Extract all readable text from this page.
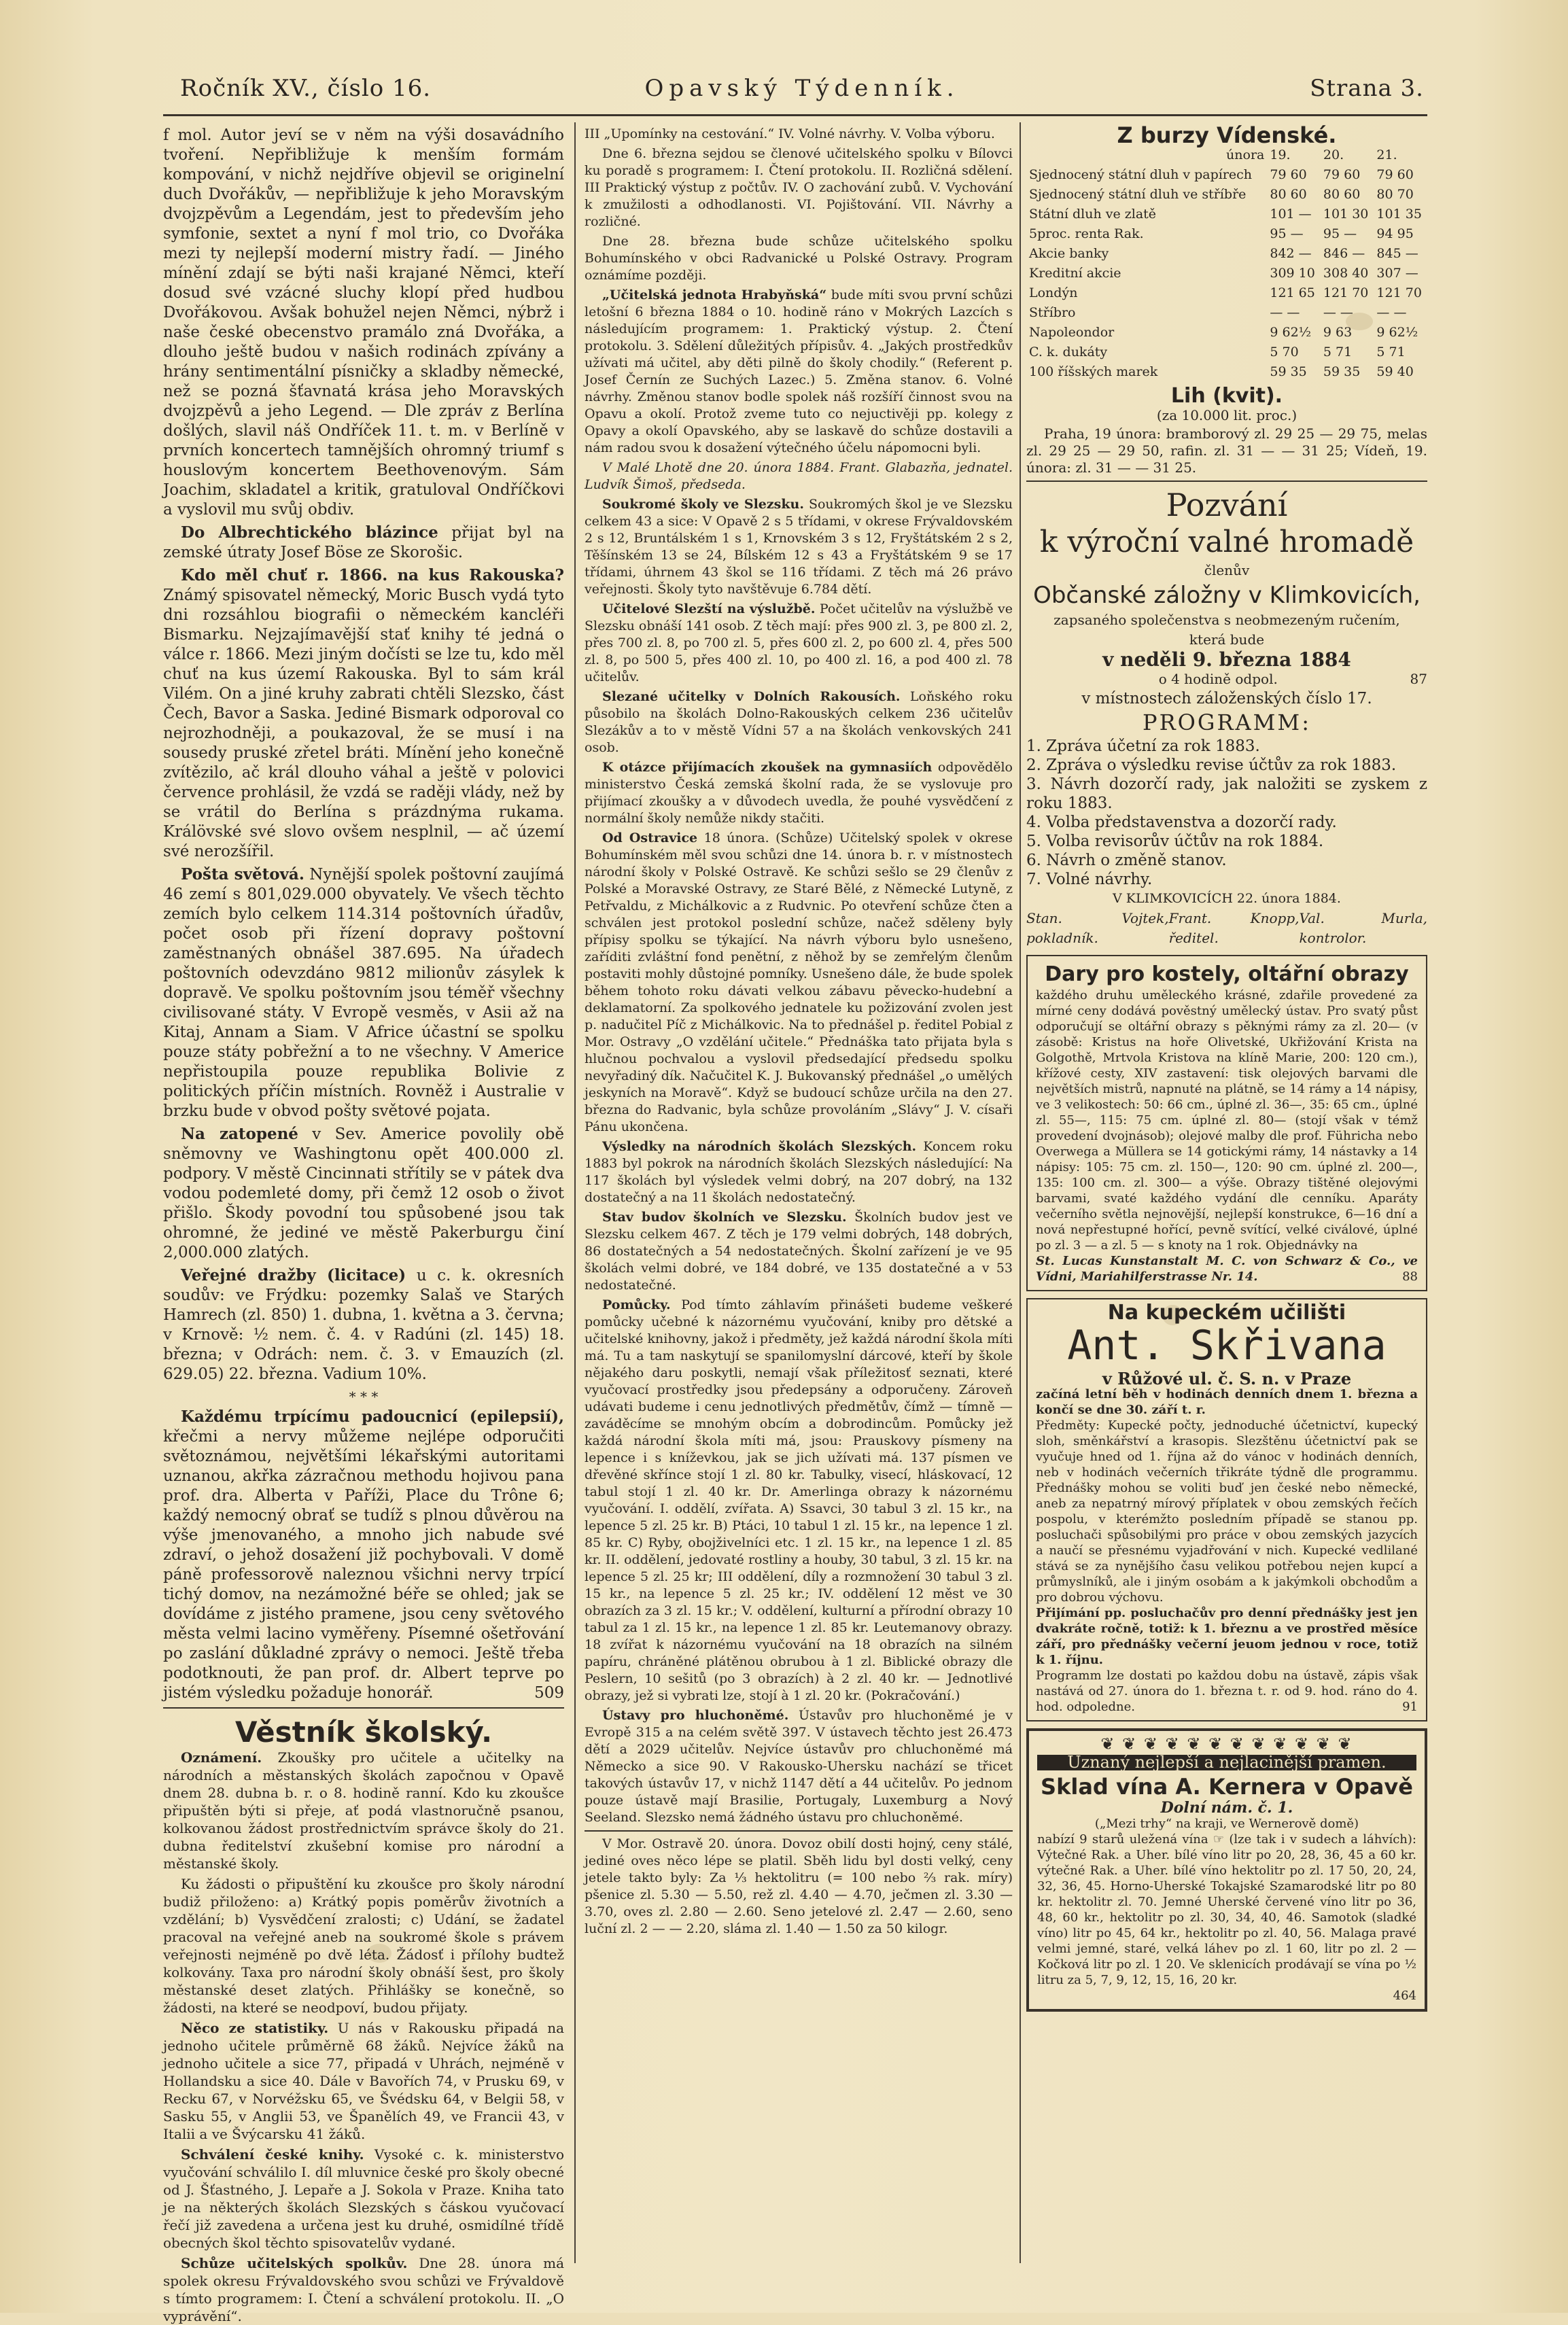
Ročník XV., číslo 16.	Opavský Týdenník.	Strana 3.

f mol. Autor jeví se v něm na výši dosavádního tvoření. Nepřibližuje k menším formám kompování, v nichž nejdříve objevil se originelní duch Dvořákův, — nepřibližuje k jeho Moravským dvojzpěvům a Legendám, jest to především jeho symfonie, sextet a nyní f mol trio, co Dvořáka mezi ty nejlepší moderní mistry řadí. — Jiného mínění zdají se býti naši krajané Němci, kteří dosud své vzácné sluchy klopí před hudbou Dvořákovou. Avšak bohužel nejen Němci, nýbrž i naše české obecenstvo pramálo zná Dvořáka, a dlouho ještě budou v našich rodinách zpívány a hrány sentimentální písničky a skladby německé, než se pozná šťavnatá krása jeho Moravských dvojzpěvů a jeho Legend. — Dle zpráv z Berlína došlých, slavil náš Ondříček 11. t. m. v Berlíně v prvních koncertech tamnějších ohromný triumf s houslovým koncertem Beethovenovým. Sám Joachim, skladatel a kritik, gratuloval Ondříčkovi a vyslovil mu svůj obdiv.

Do Albrechtického blázince přijat byl na zemské útraty Josef Böse ze Skorošic.

Kdo měl chuť r. 1866. na kus Rakouska? Známý spisovatel německý, Moric Busch vydá tyto dni rozsáhlou biografii o německém kancléři Bismarku. Nejzajímavější stať knihy té jedná o válce r. 1866. Mezi jiným dočísti se lze tu, kdo měl chuť na kus území Rakouska. Byl to sám král Vilém. On a jiné kruhy zabrati chtěli Slezsko, část Čech, Bavor a Saska. Jediné Bismark odporoval co nejrozhodněji, a poukazoval, že se musí i na sousedy pruské zřetel bráti. Mínění jeho konečně zvítězilo, ač král dlouho váhal a ještě v polovici července prohlásil, že vzdá se raději vlády, než by se vrátil do Berlína s prázdnýma rukama. Králövské své slovo ovšem nesplnil, — ač území své nerozšířil.

Pošta světová. Nynější spolek poštovní zaujímá 46 zemí s 801,029.000 obyvately. Ve všech těchto zemích bylo celkem 114.314 poštovních úřadův, počet osob při řízení dopravy poštovní zaměstnaných obnášel 387.695. Na úřadech poštovních odevzdáno 9812 milionův zásylek k dopravě. Ve spolku poštovním jsou téměř všechny civilisované státy. V Evropě vesměs, v Asii až na Kitaj, Annam a Siam. V Africe účastní se spolku pouze státy pobřežní a to ne všechny. V Americe nepřistoupila pouze republika Bolivie z politických příčin místních. Rovněž i Australie v brzku bude v obvod pošty světové pojata.

Na zatopené v Sev. Americe povolily obě sněmovny ve Washingtonu opět 400.000 zl. podpory. V městě Cincinnati střítily se v pátek dva vodou podemleté domy, při čemž 12 osob o život přišlo. Škody povodní tou spůsobené jsou tak ohromné, že jediné ve městě Pakerburgu činí 2,000.000 zlatých.

Veřejné dražby (licitace) u c. k. okresních soudův: ve Frýdku: pozemky Salaš ve Starých Hamrech (zl. 850) 1. dubna, 1. května a 3. června; v Krnově: ½ nem. č. 4. v Radúni (zl. 145) 18. března; v Odrách: nem. č. 3. v Emauzích (zl. 629.05) 22. března. Vadium 10%.

* * *

Každému trpícímu padoucnicí (epilepsií), křečmi a nervy můžeme nejlépe odporučiti světoznámou, největšími lékařskými autoritami uznanou, akřka zázračnou methodu hojivou pana prof. dra. Alberta v Paříži, Place du Trône 6; každý nemocný obrať se tudíž s plnou důvěrou na výše jmenovaného, a mnoho jich nabude své zdraví, o jehož dosažení již pochybovali. V domě páně professorově naleznou všichni nervy trpící tichý domov, na nezámožné béře se ohled; jak se dovídáme z jistého pramene, jsou ceny světového města velmi lacino vyměřeny. Písemné ošetřování po zaslání důkladné zprávy o nemoci. Ještě třeba podotknouti, že pan prof. dr. Albert teprve po jistém výsledku požaduje honorář.	509

Věstník školský.

Oznámení. Zkoušky pro učitele a učitelky na národních a městanských školách započnou v Opavě dnem 28. dubna b. r. o 8. hodině ranní. Kdo ku zkoušce připuštěn býti si přeje, ať podá vlastnoručně psanou, kolkovanou žádost prostřednictvím správce školy do 21. dubna ředitelství zkušební komise pro národní a městanské školy.

Ku žádosti o připuštění ku zkoušce pro školy národní budiž přiloženo: a) Krátký popis poměrův životních a vzdělání; b) Vysvědčení zralosti; c) Udání, se žadatel pracoval na veřejné aneb na soukromé škole s právem veřejnosti nejméně po dvě léta. Žádosť i přílohy budtež kolkovány. Taxa pro národní školy obnáší šest, pro školy městanské deset zlatých. Přihlášky se konečně, so žádosti, na které se neodpoví, budou přijaty.

Něco ze statistiky. U nás v Rakousku připadá na jednoho učitele průměrně 68 žáků. Nejvíce žáků na jednoho učitele a sice 77, připadá v Uhrách, nejméně v Hollandsku a sice 40. Dále v Bavořích 74, v Prusku 69, v Recku 67, v Norvéžsku 65, ve Švédsku 64, v Belgii 58, v Sasku 55, v Anglii 53, ve Španělích 49, ve Francii 43, v Italii a ve Švýcarsku 41 žáků.

Schválení české knihy. Vysoké c. k. ministerstvo vyučování schválilo I. díl mluvnice české pro školy obecné od J. Šťastného, J. Lepaře a J. Sokola v Praze. Kniha tato je na některých školách Slezských s čáskou vyučovací řečí již zavedena a určena jest ku druhé, osmidílné třídě obecných škol těchto spisovatelův vydané.

Schůze učitelských spolkův. Dne 28. února má spolek okresu Frývaldovského svou schůzi ve Frývaldově s tímto programem: I. Čtení a schválení protokolu. II. „O vyprávění“.

III „Upomínky na cestování.“ IV. Volné návrhy. V. Volba výboru.

Dne 6. března sejdou se členové učitelského spolku v Bílovci ku poradě s programem: I. Čtení protokolu. II. Rozličná sdělení. III Praktický výstup z počtův. IV. O zachování zubů. V. Vychování k zmužilosti a odhodlanosti. VI. Pojištování. VII. Návrhy a rozličné.

Dne 28. března bude schůze učitelského spolku Bohumínského v obci Radvanické u Polské Ostravy. Program oznámíme později.

„Učitelská jednota Hrabyňská“ bude míti svou první schůzi letošní 6 března 1884 o 10. hodině ráno v Mokrých Lazcích s následujícím programem: 1. Praktický výstup. 2. Čtení protokolu. 3. Sdělení důležitých přípisův. 4. „Jakých prostředkův užívati má učitel, aby děti pilně do školy chodily.“ (Referent p. Josef Černín ze Suchých Lazec.) 5. Změna stanov. 6. Volné návrhy. Změnou stanov bodle spolek náš rozšíří činnost svou na Opavu a okolí. Protož zveme tuto co nejuctivěji pp. kolegy z Opavy a okolí Opavského, aby se laskavě do schůze dostavili a nám radou svou k dosažení výtečného účelu nápomocni byli.

V Malé Lhotě dne 20. února 1884. Frant. Glabazňa, jednatel. Ludvík Šimoš, předseda.

Soukromé školy ve Slezsku. Soukromých škol je ve Slezsku celkem 43 a sice: V Opavě 2 s 5 třídami, v okrese Frývaldovském 2 s 12, Bruntálském 1 s 1, Krnovském 3 s 12, Fryštátském 2 s 2, Těšínském 13 se 24, Bílském 12 s 43 a Fryštátském 9 se 17 třídami, úhrnem 43 škol se 116 třídami. Z těch má 26 právo veřejnosti. Školy tyto navštěvuje 6.784 dětí.

Učitelové Slezští na výslužbě. Počet učitelův na výslužbě ve Slezsku obnáší 141 osob. Z těch mají: přes 900 zl. 3, pe 800 zl. 2, přes 700 zl. 8, po 700 zl. 5, přes 600 zl. 2, po 600 zl. 4, přes 500 zl. 8, po 500 5, přes 400 zl. 10, po 400 zl. 16, a pod 400 zl. 78 učitelův.

Slezané učitelky v Dolních Rakousích. Loňského roku působilo na školách Dolno-Rakouských celkem 236 učitelův Slezákův a to v městě Vídni 57 a na školách venkovských 241 osob.

K otázce přijímacích zkoušek na gymnasiích odpovědělo ministerstvo Česká zemská školní rada, že se vyslovuje pro přijímací zkoušky a v důvodech uvedla, že pouhé vysvědčení z normální školy nemůže nikdy stačiti.

Od Ostravice 18 února. (Schůze) Učitelský spolek v okrese Bohumínském měl svou schůzi dne 14. února b. r. v místnostech národní školy v Polské Ostravě. Ke schůzi sešlo se 29 členův z Polské a Moravské Ostravy, ze Staré Bělé, z Německé Lutyně, z Petřvaldu, z Michálkovic a z Rudvnic. Po otevření schůze čten a schválen jest protokol poslední schůze, načež sděleny byly přípisy spolku se týkající. Na návrh výboru bylo usnešeno, zaříditi zvláštní fond penětní, z něhož by se zemřelým členům postaviti mohly důstojné pomníky. Usnešeno dále, že bude spolek během tohoto roku dávati velkou zábavu pěvecko-hudební a deklamatorní. Za spolkového jednatele ku požizování zvolen jest p. nadučitel Píč z Michálkovic. Na to přednášel p. ředitel Pobial z Mor. Ostravy „O vzdělání učitele.“ Přednáška tato přijata byla s hlučnou pochvalou a vyslovil předsedající předsedu spolku nevyřadiný dík. Načučitel K. J. Bukovanský přednášel „o umělých jeskyních na Moravě“. Když se budoucí schůze určila na den 27. března do Radvanic, byla schůze provoláním „Slávy“ J. V. císaři Pánu ukončena.

Výsledky na národních školách Slezských. Koncem roku 1883 byl pokrok na národních školách Slezských následující: Na 117 školách byl výsledek velmi dobrý, na 207 dobrý, na 132 dostatečný a na 11 školách nedostatečný.

Stav budov školních ve Slezsku. Školních budov jest ve Slezsku celkem 467. Z těch je 179 velmi dobrých, 148 dobrých, 86 dostatečných a 54 nedostatečných. Školní zařízení je ve 95 školách velmi dobré, ve 184 dobré, ve 135 dostatečné a v 53 nedostatečné.

Pomůcky. Pod tímto záhlavím přinášeti budeme veškeré pomůcky učebné k názornému vyučování, kniby pro dětské a učitelské knihovny, jakož i předměty, jež každá národní škola míti má. Tu a tam naskytují se spanilomyslní dárcové, kteří by škole nějakého daru poskytli, nemají však příležitosť seznati, které vyučovací prostředky jsou předepsány a odporučeny. Zároveň udávati budeme i cenu jednotlivých předmětův, čímž — tímně — zaváděcíme se mnohým obcím a dobrodincům. Pomůcky jež každá národní škola míti má, jsou: Prauskovy písmeny na lepence i s kníževkou, jak se jich užívati má. 137 písmen ve dřevěné skřínce stojí 1 zl. 80 kr. Tabulky, visecí, hláskovací, 12 tabul stojí 1 zl. 40 kr. Dr. Amerlinga obrazy k názornému vyučování. I. oddělí, zvířata. A) Ssavci, 30 tabul 3 zl. 15 kr., na lepence 5 zl. 25 kr. B) Ptáci, 10 tabul 1 zl. 15 kr., na lepence 1 zl. 85 kr. C) Ryby, obojživelníci etc. 1 zl. 15 kr., na lepence 1 zl. 85 kr. II. oddělení, jedovaté rostliny a houby, 30 tabul, 3 zl. 15 kr. na lepence 5 zl. 25 kr; III oddělení, díly a rozmnožení 30 tabul 3 zl. 15 kr., na lepence 5 zl. 25 kr.; IV. oddělení 12 měst ve 30 obrazích za 3 zl. 15 kr.; V. oddělení, kulturní a přírodní obrazy 10 tabul za 1 zl. 15 kr., na lepence 1 zl. 85 kr. Leutemanovy obrazy. 18 zvířat k názornému vyučování na 18 obrazích na silném papíru, chráněné plátěnou obrubou à 1 zl. Biblické obrazy dle Peslern, 10 sešitů (po 3 obrazích) à 2 zl. 40 kr. — Jednotlivé obrazy, jež si vybrati lze, stojí à 1 zl. 20 kr. (Pokračování.)

Ústavy pro hluchoněmé. Ústavův pro hluchoněmé je v Evropě 315 a na celém světě 397. V ústavech těchto jest 26.473 dětí a 2029 učitelův. Nejvíce ústavův pro chluchoněmé má Německo a sice 90. V Rakousko-Uhersku nachází se třicet takových ústavův 17, v nichž 1147 dětí a 44 učitelův. Po jednom pouze ústavě mají Brasilie, Portugaly, Luxemburg a Nový Seeland. Slezsko nemá žádného ústavu pro chluchoněmé.

V Mor. Ostravě 20. února. Dovoz obilí dosti hojný, ceny stálé, jediné oves něco lépe se platil. Sběh lidu byl dosti velký, ceny jetele takto byly: Za ⅓ hektolitru (= 100 nebo ⅔ rak. míry) pšenice zl. 5.30 — 5.50, rež zl. 4.40 — 4.70, ječmen zl. 3.30 — 3.70, oves zl. 2.80 — 2.60. Seno jetelové zl. 2.47 — 2.60, seno luční zl. 2 — — 2.20, sláma zl. 1.40 — 1.50 za 50 kilogr.

Z burzy Vídenské.
února	19.	20.	21.
Sjednocený státní dluh v papírech	79 60	79 60	79 60
Sjednocený státní dluh ve stříbře	80 60	80 60	80 70
Státní dluh ve zlatě	101 —	101 30	101 35
5proc. renta Rak.	95 —	95 —	94 95
Akcie banky	842 —	846 —	845 —
Kreditní akcie	309 10	308 40	307 —
Londýn	121 65	121 70	121 70
Stříbro	— —	— —	— —
Napoleondor	9 62½	9 63	9 62½
C. k. dukáty	5 70	5 71	5 71
100 říšských marek	59 35	59 35	59 40
Lih (kvit).
(za 10.000 lit. proc.)

Praha, 19 února: bramborový zl. 29 25 — 29 75, melas zl. 29 25 — 29 50, rafin. zl. 31 — — 31 25; Vídeň, 19. února: zl. 31 — — 31 25.

Pozvání
k výroční valné hromadě
členův
Občanské záložny v Klimkovicích,
zapsaného společenstva s neobmezeným ručením,
která bude
v neděli 9. března 1884
o 4 hodině odpol.	87
v místnostech záloženských číslo 17.
PROGRAMM:
1. Zpráva účetní za rok 1883.
2. Zpráva o výsledku revise účtův za rok 1883.
3. Návrh dozorčí rady, jak naložiti se zyskem z roku 1883.
4. Volba představenstva a dozorčí rady.
5. Volba revisorův účtův na rok 1884.
6. Návrh o změně stanov.
7. Volné návrhy.
V KLIMKOVICÍCH 22. února 1884.
Stan. Vojtek, pokladník.
Frant. Knopp, ředitel.
Val. Murla, kontrolor.
Dary pro kostely, oltářní obrazy
každého druhu uměleckého krásné, zdařile provedené za mírné ceny dodává pověstný umělecký ústav. Pro svatý půst odporučují se oltářní obrazy s pěknými rámy za zl. 20— (v zásobě: Kristus na hoře Olivetské, Ukřižování Krista na Golgothě, Mrtvola Kristova na klíně Marie, 200: 120 cm.), křížové cesty, XIV zastavení: tisk olejových barvami dle největších mistrů, napnuté na plátně, se 14 rámy a 14 nápisy, ve 3 velikostech: 50: 66 cm., úplné zl. 36—, 35: 65 cm., úplné zl. 55—, 115: 75 cm. úplné zl. 80— (stojí však v témž provedení dvojnásob); olejové malby dle prof. Führicha nebo Overwega a Müllera se 14 gotickými rámy, 14 nástavky a 14 nápisy: 105: 75 cm. zl. 150—, 120: 90 cm. úplné zl. 200—, 135: 100 cm. zl. 300— a výše. Obrazy tištěné olejovými barvami, svaté každého vydání dle cenníku. Aparáty večerního světla nejnovější, nejlepší konstrukce, 6—16 dní a nová nepřestupné hořící, pevně svítící, velké civálové, úplné po zl. 3 — a zl. 5 — s knoty na 1 rok. Objednávky na
St. Lucas Kunstanstalt M. C. von Schwarz & Co., ve Vídni, Mariahilferstrasse Nr. 14.	88
Na kupeckém učilišti
Ant. Skřivana
v Růžové ul. č. S. n. v Praze
začíná letní běh v hodinách denních dnem 1. března a končí se dne 30. září t. r.
Předměty: Kupecké počty, jednoduché účetnictví, kupecký sloh, směnkářství a krasopis. Slezštěnu účetnictví pak se vyučuje hned od 1. října až do vánoc v hodinách denních, neb v hodinách večerních třikráte týdně dle programmu. Přednášky mohou se voliti buď jen české nebo německé, aneb za nepatrný mírový příplatek v obou zemských řečích pospolu, v kterémžto posledním případě se stanou pp. posluchači spůsobilými pro práce v obou zemských jazycích a naučí se přesnému vyjadřování v nich. Kupecké vedlilané stává se za nynějšího času velikou potřebou nejen kupcí a průmyslníků, ale i jiným osobám a k jakýmkoli obchodům a pro dobrou výchovu.
Přijímání pp. posluchačův pro denní přednášky jest jen dvakráte ročně, totiž: k 1. březnu a ve prostřed měsíce září, pro přednášky večerní jeuom jednou v roce, totiž k 1. říjnu.
Programm lze dostati po každou dobu na ústavě, zápis však nastává od 27. února do 1. března t. r. od 9. hod. ráno do 4. hod. odpoledne.	91
❦ ❦ ❦ ❦ ❦ ❦ ❦ ❦ ❦ ❦ ❦ ❦
Uznaný nejlepší a nejlacinější pramen.
Sklad vína A. Kernera v Opavě
Dolní nám. č. 1.
(„Mezi trhy“ na kraji, ve Wernerově domě)
nabízí 9 starů uležená vína ☞ (lze tak i v sudech a láhvích): Výtečné Rak. a Uher. bílé víno litr po 20, 28, 36, 45 a 60 kr. výtečné Rak. a Uher. bílé víno hektolitr po zl. 17 50, 20, 24, 32, 36, 45. Horno-Uherské Tokajské Szamarodské litr po 80 kr. hektolitr zl. 70. Jemné Uherské červené víno litr po 36, 48, 60 kr., hektolitr po zl. 30, 34, 40, 46. Samotok (sladké víno) litr po 45, 64 kr., hektolitr po zl. 40, 56. Malaga pravé velmi jemné, staré, velká láhev po zl. 1 60, litr po zl. 2 — Kočková litr po zl. 1 20. Ve sklenicích prodávají se vína po ½ litru za 5, 7, 9, 12, 15, 16, 20 kr.
464
